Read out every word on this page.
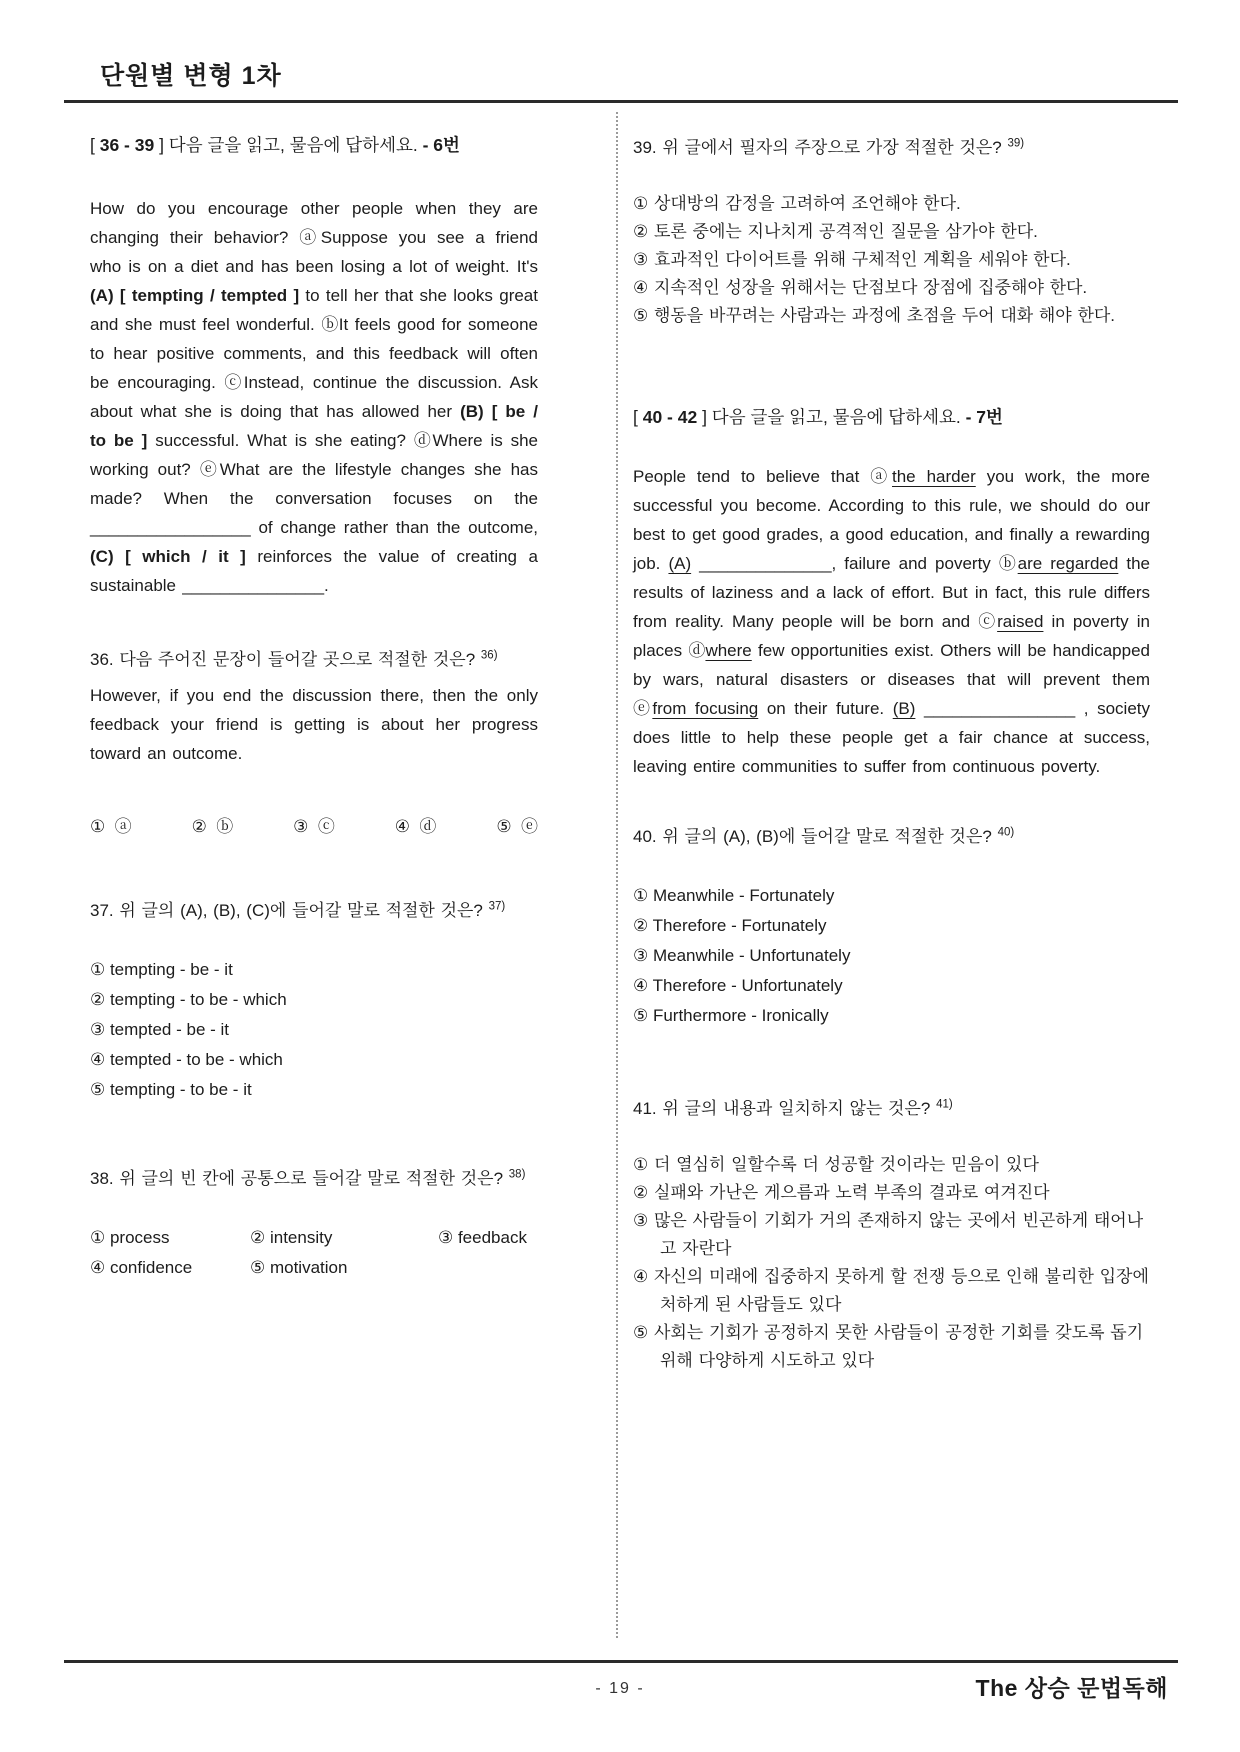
단원별 변형 1차
[ 36 - 39 ] 다음 글을 읽고, 물음에 답하세요. - 6번
How do you encourage other people when they are changing their behavior? ⓐSuppose you see a friend who is on a diet and has been losing a lot of weight. It's (A) [ tempting / tempted ] to tell her that she looks great and she must feel wonderful. ⓑIt feels good for someone to hear positive comments, and this feedback will often be encouraging. ⓒInstead, continue the discussion. Ask about what she is doing that has allowed her (B) [ be / to be ] successful. What is she eating? ⓓWhere is she working out? ⓔWhat are the lifestyle changes she has made? When the conversation focuses on the _________________ of change rather than the outcome, (C) [ which / it ] reinforces the value of creating a sustainable _______________.
36. 다음 주어진 문장이 들어갈 곳으로 적절한 것은? $^{36)}$
However, if you end the discussion there, then the only feedback your friend is getting is about her progress toward an outcome.
①  ⓐ	②  ⓑ	③  ⓒ	④  ⓓ	⑤  ⓔ
37. 위 글의 (A), (B), (C)에 들어갈 말로 적절한 것은? $^{37)}$
① tempting - be - it
② tempting - to be - which
③ tempted - be - it
④ tempted - to be - which
⑤ tempting - to be - it
38. 위 글의 빈 칸에 공통으로 들어갈 말로 적절한 것은? $^{38)}$
① process	② intensity	③ feedback
④ confidence	⑤ motivation
39. 위 글에서 필자의 주장으로 가장 적절한 것은? $^{39)}$
① 상대방의 감정을 고려하여 조언해야 한다.
② 토론 중에는 지나치게 공격적인 질문을 삼가야 한다.
③ 효과적인 다이어트를 위해 구체적인 계획을 세워야 한다.
④ 지속적인 성장을 위해서는 단점보다 장점에 집중해야 한다.
⑤ 행동을 바꾸려는 사람과는 과정에 초점을 두어 대화 해야 한다.
[ 40 - 42 ] 다음 글을 읽고, 물음에 답하세요. - 7번
People tend to believe that ⓐthe harder you work, the more successful you become. According to this rule, we should do our best to get good grades, a good education, and finally a rewarding job. (A) ______________, failure and poverty ⓑare regarded the results of laziness and a lack of effort. But in fact, this rule differs from reality. Many people will be born and ⓒraised in poverty in places ⓓwhere few opportunities exist. Others will be handicapped by wars, natural disasters or diseases that will prevent them ⓔfrom focusing on their future. (B) ________________ , society does little to help these people get a fair chance at success, leaving entire communities to suffer from continuous poverty.
40. 위 글의 (A), (B)에 들어갈 말로 적절한 것은? $^{40)}$
① Meanwhile - Fortunately
② Therefore - Fortunately
③ Meanwhile - Unfortunately
④ Therefore - Unfortunately
⑤ Furthermore - Ironically
41. 위 글의 내용과 일치하지 않는 것은? $^{41)}$
① 더 열심히 일할수록 더 성공할 것이라는 믿음이 있다
② 실패와 가난은 게으름과 노력 부족의 결과로 여겨진다
③ 많은 사람들이 기회가 거의 존재하지 않는 곳에서 빈곤하게 태어나고 자란다
④ 자신의 미래에 집중하지 못하게 할 전쟁 등으로 인해 불리한 입장에 처하게 된 사람들도 있다
⑤ 사회는 기회가 공정하지 못한 사람들이 공정한 기회를 갖도록 돕기 위해 다양하게 시도하고 있다
- 19 -	The 상승 문법독해
